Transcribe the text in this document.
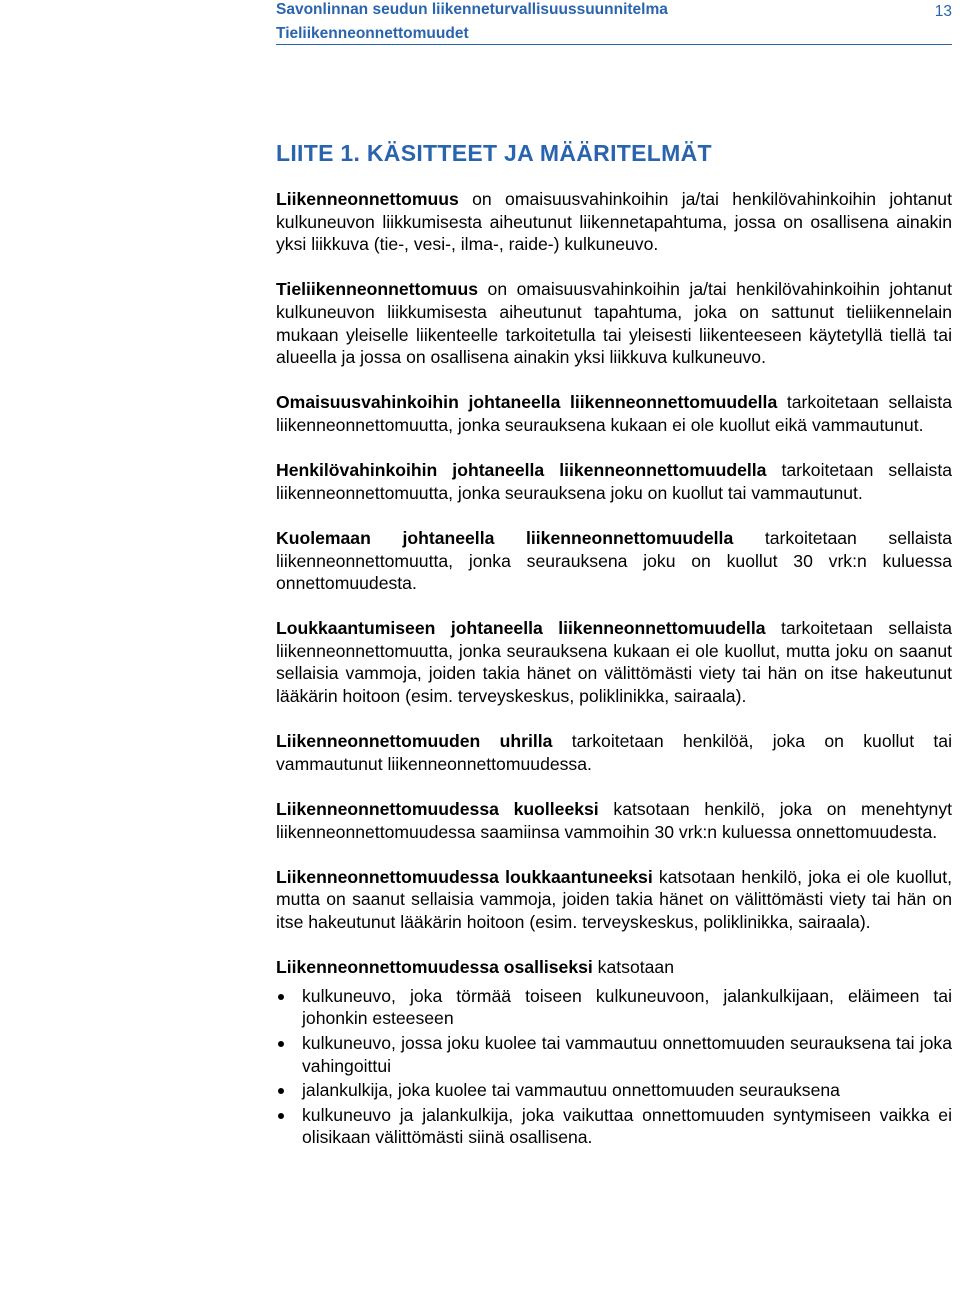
Savonlinnan seudun liikenneturvallisuussuunnitelma
Tieliikenneonnettomuudet
13
LIITE 1. KÄSITTEET JA MÄÄRITELMÄT

Liikenneonnettomuus on omaisuusvahinkoihin ja/tai henkilövahinkoihin johtanut kulkuneuvon liikkumisesta aiheutunut liikennetapahtuma, jossa on osallisena ainakin yksi liikkuva (tie-, vesi-, ilma-, raide-) kulkuneuvo.

Tieliikenneonnettomuus on omaisuusvahinkoihin ja/tai henkilövahinkoihin johtanut kulkuneuvon liikkumisesta aiheutunut tapahtuma, joka on sattunut tieliikennelain mukaan yleiselle liikenteelle tarkoitetulla tai yleisesti liikenteeseen käytetyllä tiellä tai alueella ja jossa on osallisena ainakin yksi liikkuva kulkuneuvo.

Omaisuusvahinkoihin johtaneella liikenneonnettomuudella tarkoitetaan sellaista liikenneonnettomuutta, jonka seurauksena kukaan ei ole kuollut eikä vammautunut.

Henkilövahinkoihin johtaneella liikenneonnettomuudella tarkoitetaan sellaista liikenneonnettomuutta, jonka seurauksena joku on kuollut tai vammautunut.

Kuolemaan johtaneella liikenneonnettomuudella tarkoitetaan sellaista liikenneonnettomuutta, jonka seurauksena joku on kuollut 30 vrk:n kuluessa onnettomuudesta.

Loukkaantumiseen johtaneella liikenneonnettomuudella tarkoitetaan sellaista liikenneonnettomuutta, jonka seurauksena kukaan ei ole kuollut, mutta joku on saanut sellaisia vammoja, joiden takia hänet on välittömästi viety tai hän on itse hakeutunut lääkärin hoitoon (esim. terveyskeskus, poliklinikka, sairaala).

Liikenneonnettomuuden uhrilla tarkoitetaan henkilöä, joka on kuollut tai vammautunut liikenneonnettomuudessa.

Liikenneonnettomuudessa kuolleeksi katsotaan henkilö, joka on menehtynyt liikenneonnettomuudessa saamiinsa vammoihin 30 vrk:n kuluessa onnettomuudesta.

Liikenneonnettomuudessa loukkaantuneeksi katsotaan henkilö, joka ei ole kuollut, mutta on saanut sellaisia vammoja, joiden takia hänet on välittömästi viety tai hän on itse hakeutunut lääkärin hoitoon (esim. terveyskeskus, poliklinikka, sairaala).

Liikenneonnettomuudessa osalliseksi katsotaan

kulkuneuvo, joka törmää toiseen kulkuneuvoon, jalankulkijaan, eläimeen tai johonkin esteeseen
kulkuneuvo, jossa joku kuolee tai vammautuu onnettomuuden seurauksena tai joka vahingoittui
jalankulkija, joka kuolee tai vammautuu onnettomuuden seurauksena
kulkuneuvo ja jalankulkija, joka vaikuttaa onnettomuuden syntymiseen vaikka ei olisikaan välittömästi siinä osallisena.
